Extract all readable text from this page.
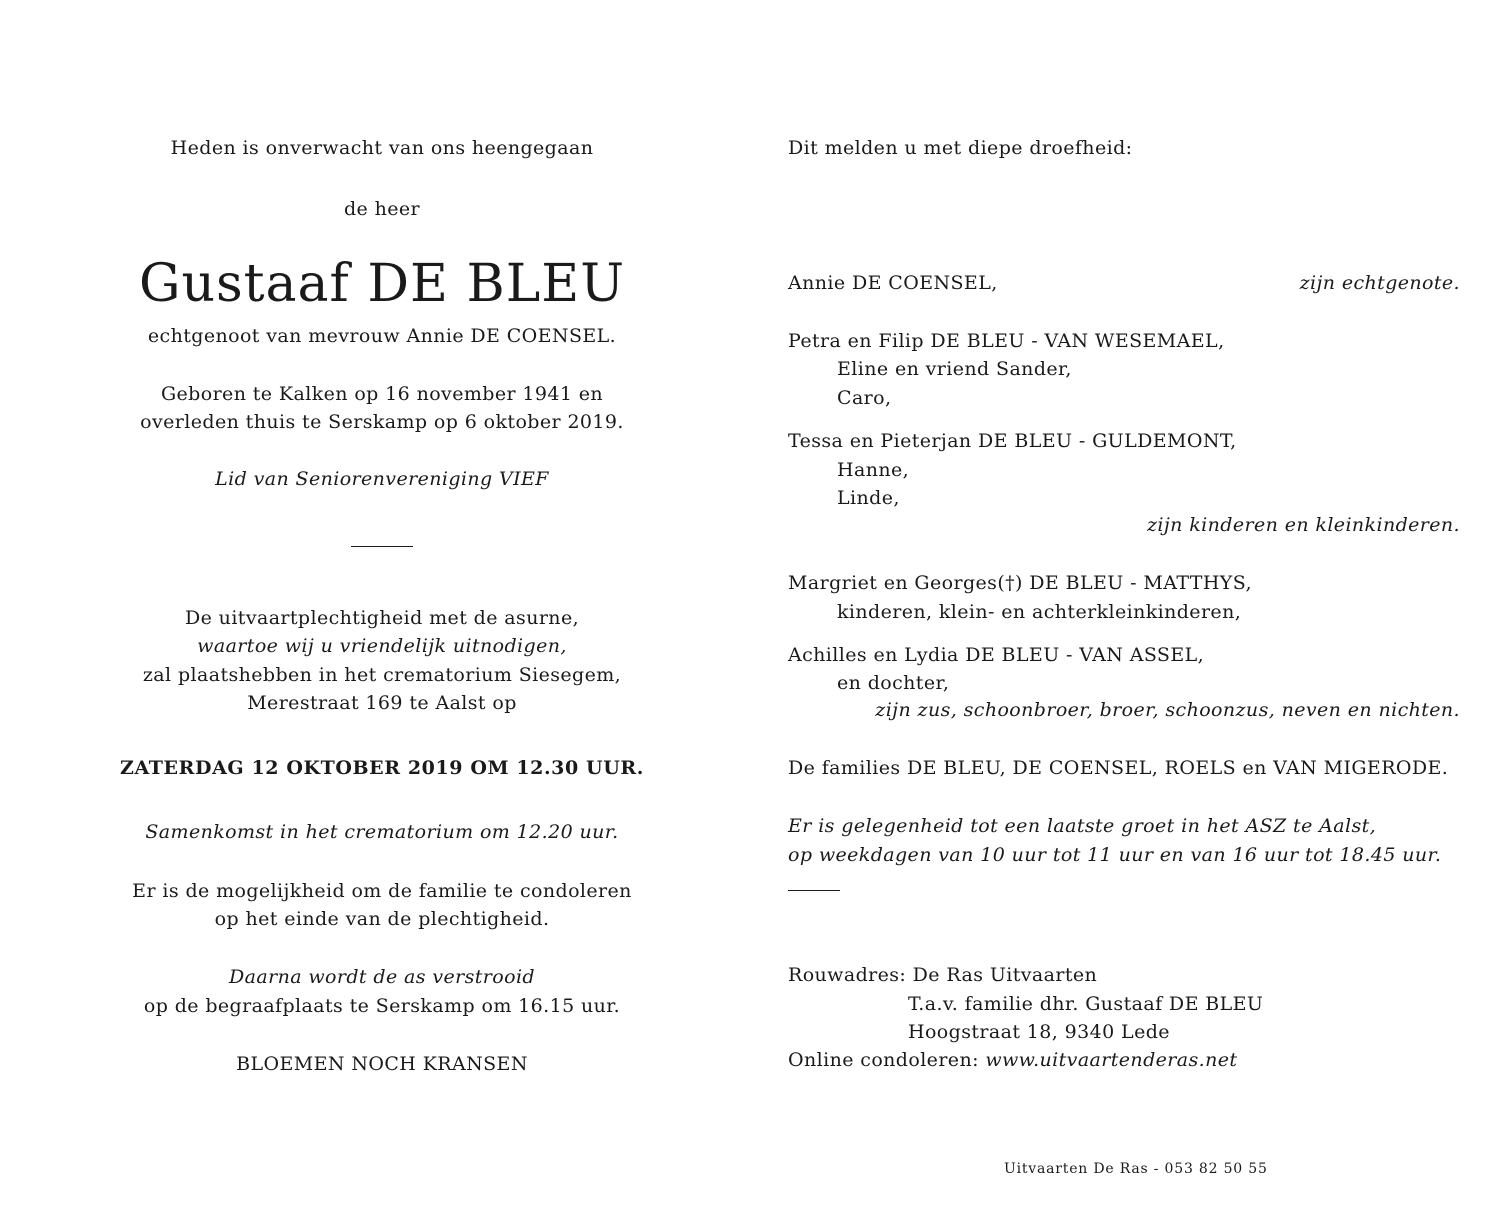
Heden is onverwacht van ons heengegaan
de heer
Gustaaf DE BLEU
echtgenoot van mevrouw Annie DE COENSEL.
Geboren te Kalken op 16 november 1941 en
overleden thuis te Serskamp op 6 oktober 2019.
Lid van Seniorenvereniging VIEF
De uitvaartplechtigheid met de asurne,
waartoe wij u vriendelijk uitnodigen,
zal plaatshebben in het crematorium Siesegem,
Merestraat 169 te Aalst op
ZATERDAG 12 OKTOBER 2019 OM 12.30 UUR.
Samenkomst in het crematorium om 12.20 uur.
Er is de mogelijkheid om de familie te condoleren
op het einde van de plechtigheid.
Daarna wordt de as verstrooid
op de begraafplaats te Serskamp om 16.15 uur.
BLOEMEN NOCH KRANSEN
Dit melden u met diepe droefheid:
Annie DE COENSEL,	zijn echtgenote.
Petra en Filip DE BLEU - VAN WESEMAEL,
Eline en vriend Sander,
Caro,
Tessa en Pieterjan DE BLEU - GULDEMONT,
Hanne,
Linde,
zijn kinderen en kleinkinderen.
Margriet en Georges(†) DE BLEU - MATTHYS,
kinderen, klein- en achterkleinkinderen,
Achilles en Lydia DE BLEU - VAN ASSEL,
en dochter,
zijn zus, schoonbroer, broer, schoonzus, neven en nichten.
De families DE BLEU, DE COENSEL, ROELS en VAN MIGERODE.
Er is gelegenheid tot een laatste groet in het ASZ te Aalst,
op weekdagen van 10 uur tot 11 uur en van 16 uur tot 18.45 uur.
Rouwadres: De Ras Uitvaarten
T.a.v. familie dhr. Gustaaf DE BLEU
Hoogstraat 18, 9340 Lede
Online condoleren: www.uitvaartenderas.net
Uitvaarten De Ras - 053 82 50 55
